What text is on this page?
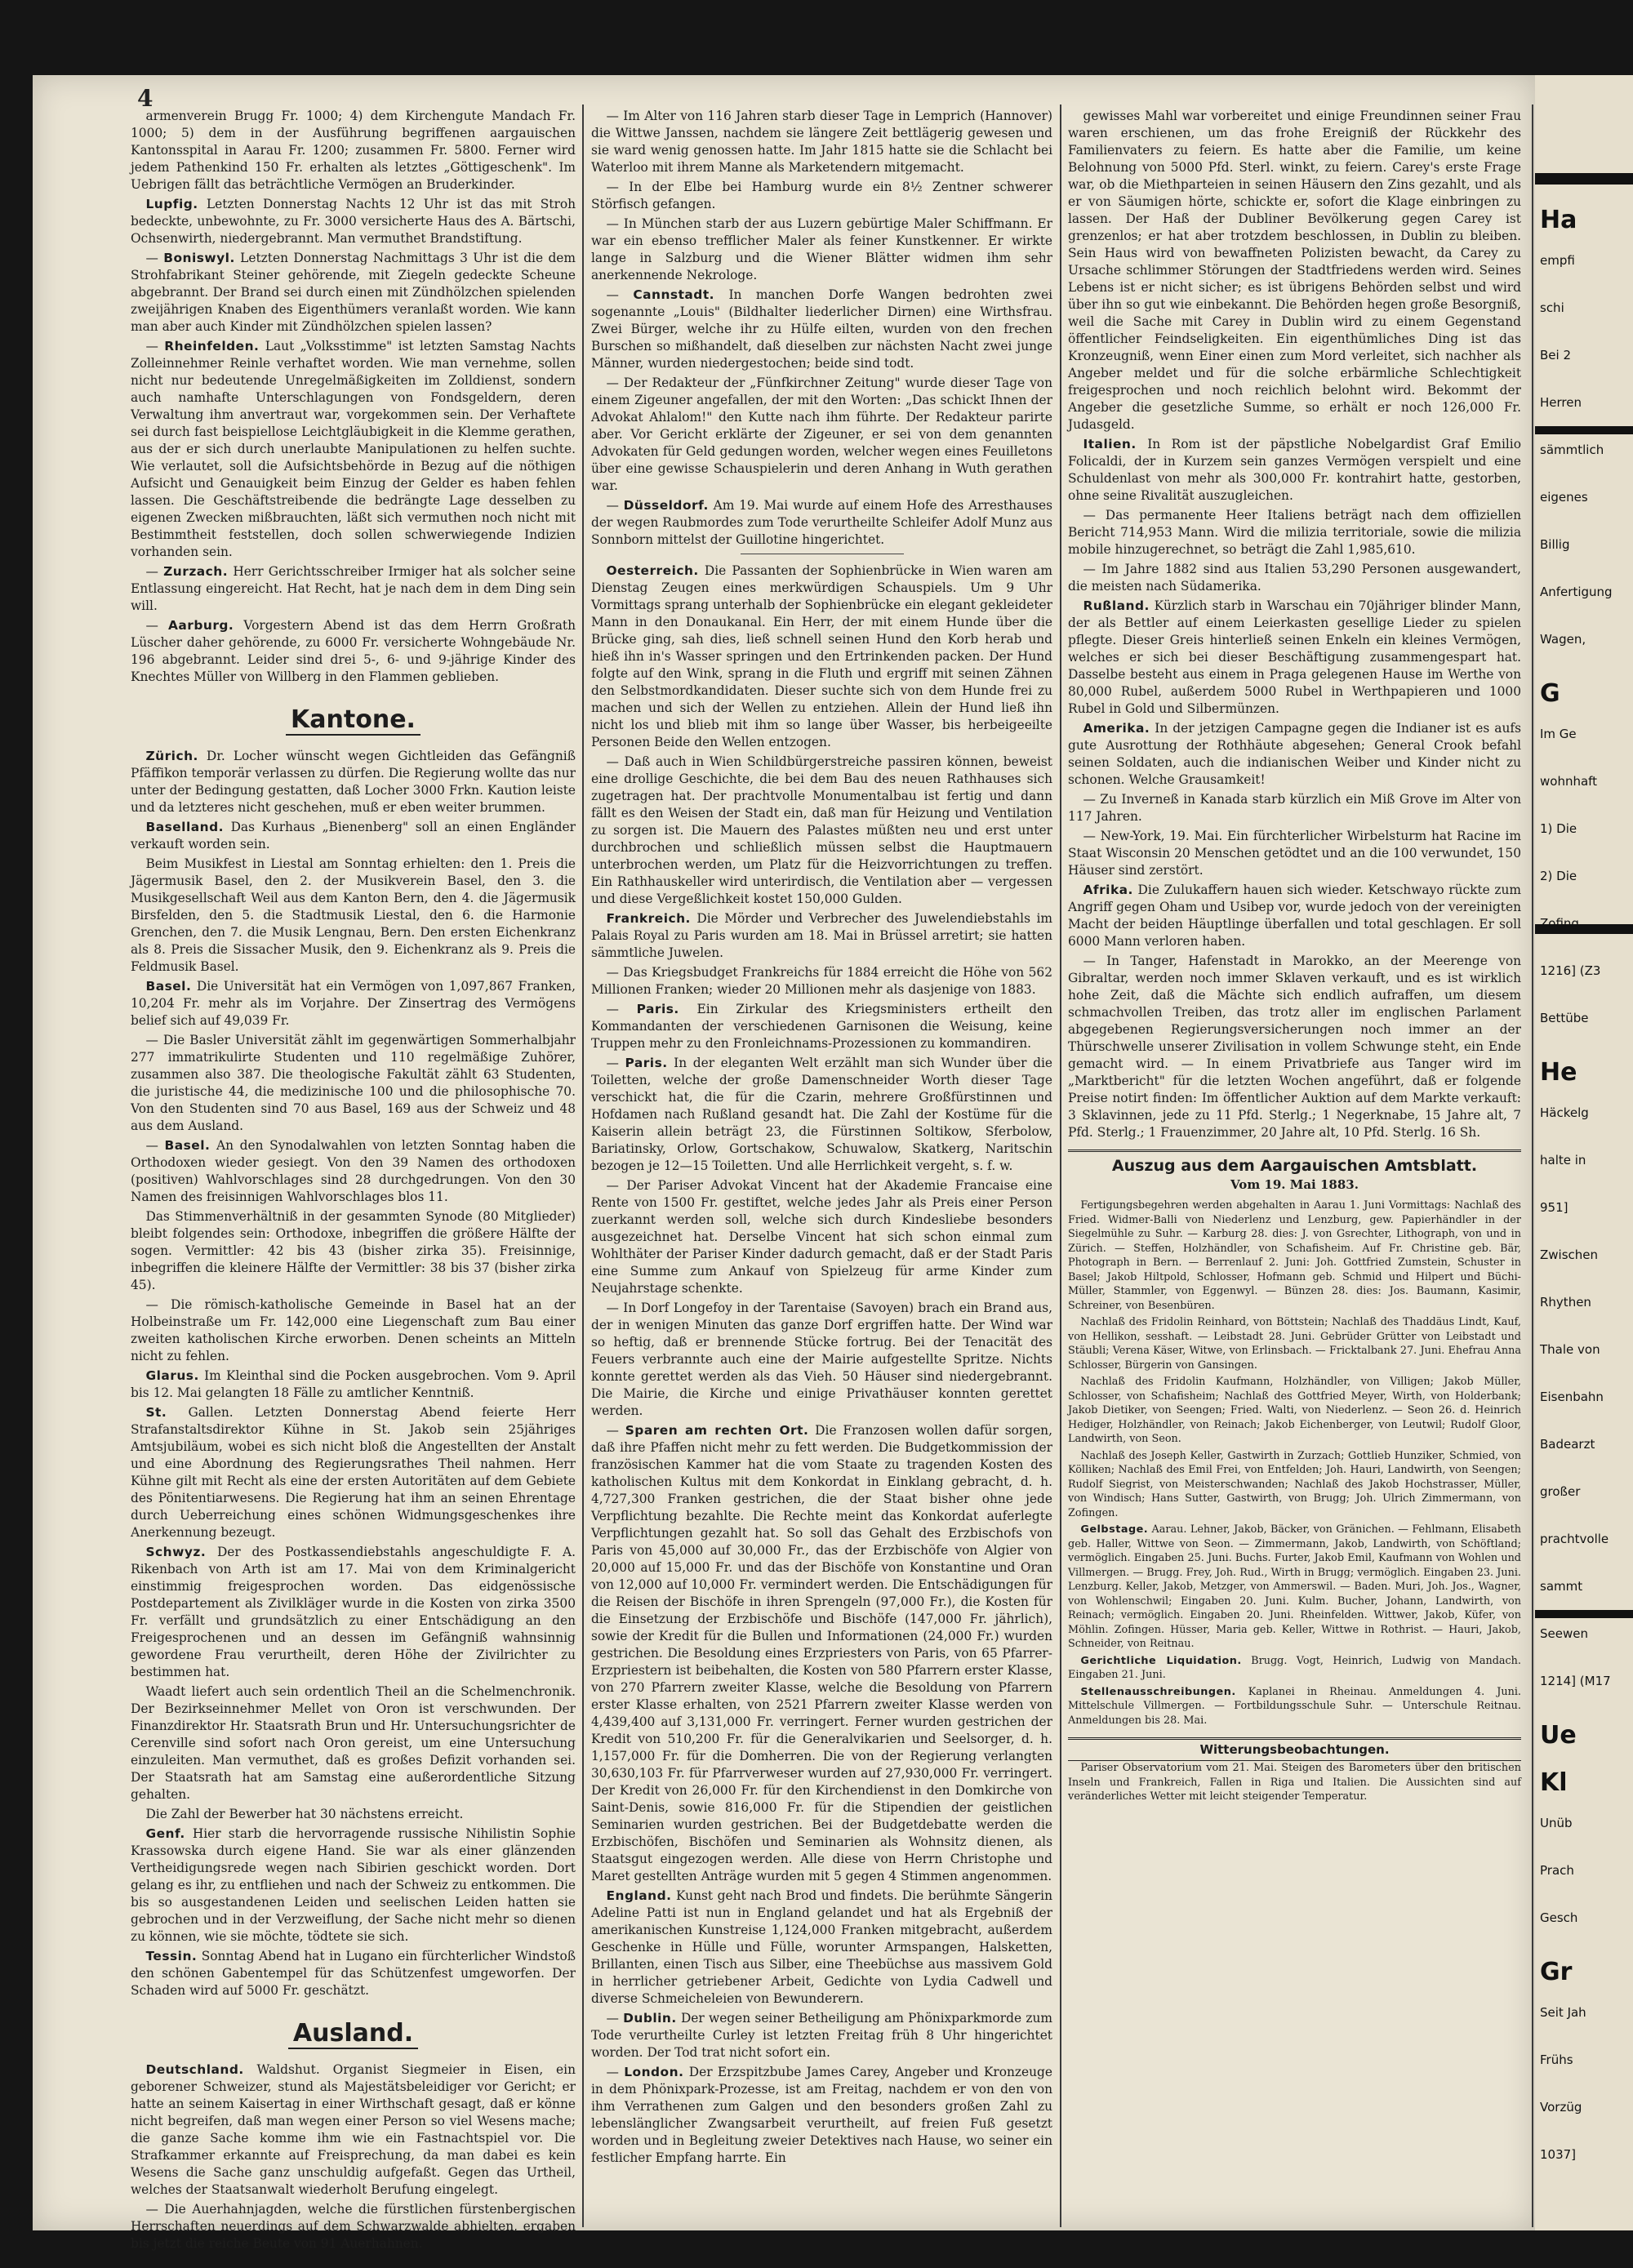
4

armenverein Brugg Fr. 1000; 4) dem Kirchengute Mandach Fr. 1000; 5) dem in der Ausführung begriffenen aargauischen Kantonsspital in Aarau Fr. 1200; zusammen Fr. 5800. Ferner wird jedem Pathenkind 150 Fr. erhalten als letztes „Göttigeschenk". Im Uebrigen fällt das beträchtliche Vermögen an Bruderkinder.

Lupfig. Letzten Donnerstag Nachts 12 Uhr ist das mit Stroh bedeckte, unbewohnte, zu Fr. 3000 versicherte Haus des A. Bärtschi, Ochsenwirth, niedergebrannt. Man vermuthet Brandstiftung.

— Boniswyl. Letzten Donnerstag Nachmittags 3 Uhr ist die dem Strohfabrikant Steiner gehörende, mit Ziegeln gedeckte Scheune abgebrannt. Der Brand sei durch einen mit Zündhölzchen spielenden zweijährigen Knaben des Eigenthümers veranlaßt worden. Wie kann man aber auch Kinder mit Zündhölzchen spielen lassen?

— Rheinfelden. Laut „Volksstimme" ist letzten Samstag Nachts Zolleinnehmer Reinle verhaftet worden. Wie man vernehme, sollen nicht nur bedeutende Unregelmäßigkeiten im Zolldienst, sondern auch namhafte Unterschlagungen von Fondsgeldern, deren Verwaltung ihm anvertraut war, vorgekommen sein. Der Verhaftete sei durch fast beispiellose Leichtgläubigkeit in die Klemme gerathen, aus der er sich durch unerlaubte Manipulationen zu helfen suchte. Wie verlautet, soll die Aufsichtsbehörde in Bezug auf die nöthigen Aufsicht und Genauigkeit beim Einzug der Gelder es haben fehlen lassen. Die Geschäftstreibende die bedrängte Lage desselben zu eigenen Zwecken mißbrauchten, läßt sich vermuthen noch nicht mit Bestimmtheit feststellen, doch sollen schwerwiegende Indizien vorhanden sein.

— Zurzach. Herr Gerichtsschreiber Irmiger hat als solcher seine Entlassung eingereicht. Hat Recht, hat je nach dem in dem Ding sein will.

— Aarburg. Vorgestern Abend ist das dem Herrn Großrath Lüscher daher gehörende, zu 6000 Fr. versicherte Wohngebäude Nr. 196 abgebrannt. Leider sind drei 5-, 6- und 9-jährige Kinder des Knechtes Müller von Willberg in den Flammen geblieben.

Kantone.

Zürich. Dr. Locher wünscht wegen Gichtleiden das Gefängniß Pfäffikon temporär verlassen zu dürfen. Die Regierung wollte das nur unter der Bedingung gestatten, daß Locher 3000 Frkn. Kaution leiste und da letzteres nicht geschehen, muß er eben weiter brummen.

Baselland. Das Kurhaus „Bienenberg" soll an einen Engländer verkauft worden sein.

Beim Musikfest in Liestal am Sonntag erhielten: den 1. Preis die Jägermusik Basel, den 2. der Musikverein Basel, den 3. die Musikgesellschaft Weil aus dem Kanton Bern, den 4. die Jägermusik Birsfelden, den 5. die Stadtmusik Liestal, den 6. die Harmonie Grenchen, den 7. die Musik Lengnau, Bern. Den ersten Eichenkranz als 8. Preis die Sissacher Musik, den 9. Eichenkranz als 9. Preis die Feldmusik Basel.

Basel. Die Universität hat ein Vermögen von 1,097,867 Franken, 10,204 Fr. mehr als im Vorjahre. Der Zinsertrag des Vermögens belief sich auf 49,039 Fr.

— Die Basler Universität zählt im gegenwärtigen Sommerhalbjahr 277 immatrikulirte Studenten und 110 regelmäßige Zuhörer, zusammen also 387. Die theologische Fakultät zählt 63 Studenten, die juristische 44, die medizinische 100 und die philosophische 70. Von den Studenten sind 70 aus Basel, 169 aus der Schweiz und 48 aus dem Ausland.

— Basel. An den Synodalwahlen von letzten Sonntag haben die Orthodoxen wieder gesiegt. Von den 39 Namen des orthodoxen (positiven) Wahlvorschlages sind 28 durchgedrungen. Von den 30 Namen des freisinnigen Wahlvorschlages blos 11.

Das Stimmenverhältniß in der gesammten Synode (80 Mitglieder) bleibt folgendes sein: Orthodoxe, inbegriffen die größere Hälfte der sogen. Vermittler: 42 bis 43 (bisher zirka 35). Freisinnige, inbegriffen die kleinere Hälfte der Vermittler: 38 bis 37 (bisher zirka 45).

— Die römisch-katholische Gemeinde in Basel hat an der Holbeinstraße um Fr. 142,000 eine Liegenschaft zum Bau einer zweiten katholischen Kirche erworben. Denen scheints an Mitteln nicht zu fehlen.

Glarus. Im Kleinthal sind die Pocken ausgebrochen. Vom 9. April bis 12. Mai gelangten 18 Fälle zu amtlicher Kenntniß.

St. Gallen. Letzten Donnerstag Abend feierte Herr Strafanstaltsdirektor Kühne in St. Jakob sein 25jähriges Amtsjubiläum, wobei es sich nicht bloß die Angestellten der Anstalt und eine Abordnung des Regierungsrathes Theil nahmen. Herr Kühne gilt mit Recht als eine der ersten Autoritäten auf dem Gebiete des Pönitentiarwesens. Die Regierung hat ihm an seinen Ehrentage durch Ueberreichung eines schönen Widmungsgeschenkes ihre Anerkennung bezeugt.

Schwyz. Der des Postkassendiebstahls angeschuldigte F. A. Rikenbach von Arth ist am 17. Mai von dem Kriminalgericht einstimmig freigesprochen worden. Das eidgenössische Postdepartement als Zivilkläger wurde in die Kosten von zirka 3500 Fr. verfällt und grundsätzlich zu einer Entschädigung an den Freigesprochenen und an dessen im Gefängniß wahnsinnig gewordene Frau verurtheilt, deren Höhe der Zivilrichter zu bestimmen hat.

Waadt liefert auch sein ordentlich Theil an die Schelmenchronik. Der Bezirkseinnehmer Mellet von Oron ist verschwunden. Der Finanzdirektor Hr. Staatsrath Brun und Hr. Untersuchungsrichter de Cerenville sind sofort nach Oron gereist, um eine Untersuchung einzuleiten. Man vermuthet, daß es großes Defizit vorhanden sei. Der Staatsrath hat am Samstag eine außerordentliche Sitzung gehalten.

Die Zahl der Bewerber hat 30 nächstens erreicht.

Genf. Hier starb die hervorragende russische Nihilistin Sophie Krassowska durch eigene Hand. Sie war als einer glänzenden Vertheidigungsrede wegen nach Sibirien geschickt worden. Dort gelang es ihr, zu entfliehen und nach der Schweiz zu entkommen. Die bis so ausgestandenen Leiden und seelischen Leiden hatten sie gebrochen und in der Verzweiflung, der Sache nicht mehr so dienen zu können, wie sie möchte, tödtete sie sich.

Tessin. Sonntag Abend hat in Lugano ein fürchterlicher Windstoß den schönen Gabentempel für das Schützenfest umgeworfen. Der Schaden wird auf 5000 Fr. geschätzt.

Ausland.

Deutschland. Waldshut. Organist Siegmeier in Eisen, ein geborener Schweizer, stund als Majestätsbeleidiger vor Gericht; er hatte an seinem Kaisertag in einer Wirthschaft gesagt, daß er könne nicht begreifen, daß man wegen einer Person so viel Wesens mache; die ganze Sache komme ihm wie ein Fastnachtspiel vor. Die Strafkammer erkannte auf Freisprechung, da man dabei es kein Wesens die Sache ganz unschuldig aufgefaßt. Gegen das Urtheil, welches der Staatsanwalt wiederholt Berufung eingelegt.

— Die Auerhahnjagden, welche die fürstlichen fürstenbergischen Herrschaften neuerdings auf dem Schwarzwalde abhielten, ergaben bis jetzt die reiche Beute von 91 Auerhahnen.

— Im Alter von 116 Jahren starb dieser Tage in Lemprich (Hannover) die Wittwe Janssen, nachdem sie längere Zeit bettlägerig gewesen und sie ward wenig genossen hatte. Im Jahr 1815 hatte sie die Schlacht bei Waterloo mit ihrem Manne als Marketendern mitgemacht.

— In der Elbe bei Hamburg wurde ein 8½ Zentner schwerer Störfisch gefangen.

— In München starb der aus Luzern gebürtige Maler Schiffmann. Er war ein ebenso trefflicher Maler als feiner Kunstkenner. Er wirkte lange in Salzburg und die Wiener Blätter widmen ihm sehr anerkennende Nekrologe.

— Cannstadt. In manchen Dorfe Wangen bedrohten zwei sogenannte „Louis" (Bildhalter liederlicher Dirnen) eine Wirthsfrau. Zwei Bürger, welche ihr zu Hülfe eilten, wurden von den frechen Burschen so mißhandelt, daß dieselben zur nächsten Nacht zwei junge Männer, wurden niedergestochen; beide sind todt.

— Der Redakteur der „Fünfkirchner Zeitung" wurde dieser Tage von einem Zigeuner angefallen, der mit den Worten: „Das schickt Ihnen der Advokat Ahlalom!" den Kutte nach ihm führte. Der Redakteur parirte aber. Vor Gericht erklärte der Zigeuner, er sei von dem genannten Advokaten für Geld gedungen worden, welcher wegen eines Feuilletons über eine gewisse Schauspielerin und deren Anhang in Wuth gerathen war.

— Düsseldorf. Am 19. Mai wurde auf einem Hofe des Arresthauses der wegen Raubmordes zum Tode verurtheilte Schleifer Adolf Munz aus Sonnborn mittelst der Guillotine hingerichtet.

Oesterreich. Die Passanten der Sophienbrücke in Wien waren am Dienstag Zeugen eines merkwürdigen Schauspiels. Um 9 Uhr Vormittags sprang unterhalb der Sophienbrücke ein elegant gekleideter Mann in den Donaukanal. Ein Herr, der mit einem Hunde über die Brücke ging, sah dies, ließ schnell seinen Hund den Korb herab und hieß ihn in's Wasser springen und den Ertrinkenden packen. Der Hund folgte auf den Wink, sprang in die Fluth und ergriff mit seinen Zähnen den Selbstmordkandidaten. Dieser suchte sich von dem Hunde frei zu machen und sich der Wellen zu entziehen. Allein der Hund ließ ihn nicht los und blieb mit ihm so lange über Wasser, bis herbeigeeilte Personen Beide den Wellen entzogen.

— Daß auch in Wien Schildbürgerstreiche passiren können, beweist eine drollige Geschichte, die bei dem Bau des neuen Rathhauses sich zugetragen hat. Der prachtvolle Monumentalbau ist fertig und dann fällt es den Weisen der Stadt ein, daß man für Heizung und Ventilation zu sorgen ist. Die Mauern des Palastes müßten neu und erst unter durchbrochen und schließlich müssen selbst die Hauptmauern unterbrochen werden, um Platz für die Heizvorrichtungen zu treffen. Ein Rathhauskeller wird unterirdisch, die Ventilation aber — vergessen und diese Vergeßlichkeit kostet 150,000 Gulden.

Frankreich. Die Mörder und Verbrecher des Juwelendiebstahls im Palais Royal zu Paris wurden am 18. Mai in Brüssel arretirt; sie hatten sämmtliche Juwelen.

— Das Kriegsbudget Frankreichs für 1884 erreicht die Höhe von 562 Millionen Franken; wieder 20 Millionen mehr als dasjenige von 1883.

— Paris. Ein Zirkular des Kriegsministers ertheilt den Kommandanten der verschiedenen Garnisonen die Weisung, keine Truppen mehr zu den Fronleichnams-Prozessionen zu kommandiren.

— Paris. In der eleganten Welt erzählt man sich Wunder über die Toiletten, welche der große Damenschneider Worth dieser Tage verschickt hat, die für die Czarin, mehrere Großfürstinnen und Hofdamen nach Rußland gesandt hat. Die Zahl der Kostüme für die Kaiserin allein beträgt 23, die Fürstinnen Soltikow, Sferbolow, Bariatinsky, Orlow, Gortschakow, Schuwalow, Skatkerg, Naritschin bezogen je 12—15 Toiletten. Und alle Herrlichkeit vergeht, s. f. w.

— Der Pariser Advokat Vincent hat der Akademie Francaise eine Rente von 1500 Fr. gestiftet, welche jedes Jahr als Preis einer Person zuerkannt werden soll, welche sich durch Kindesliebe besonders ausgezeichnet hat. Derselbe Vincent hat sich schon einmal zum Wohlthäter der Pariser Kinder dadurch gemacht, daß er der Stadt Paris eine Summe zum Ankauf von Spielzeug für arme Kinder zum Neujahrstage schenkte.

— In Dorf Longefoy in der Tarentaise (Savoyen) brach ein Brand aus, der in wenigen Minuten das ganze Dorf ergriffen hatte. Der Wind war so heftig, daß er brennende Stücke fortrug. Bei der Tenacität des Feuers verbrannte auch eine der Mairie aufgestellte Spritze. Nichts konnte gerettet werden als das Vieh. 50 Häuser sind niedergebrannt. Die Mairie, die Kirche und einige Privathäuser konnten gerettet werden.

— Sparen am rechten Ort. Die Franzosen wollen dafür sorgen, daß ihre Pfaffen nicht mehr zu fett werden. Die Budgetkommission der französischen Kammer hat die vom Staate zu tragenden Kosten des katholischen Kultus mit dem Konkordat in Einklang gebracht, d. h. 4,727,300 Franken gestrichen, die der Staat bisher ohne jede Verpflichtung bezahlte. Die Rechte meint das Konkordat auferlegte Verpflichtungen gezahlt hat. So soll das Gehalt des Erzbischofs von Paris von 45,000 auf 30,000 Fr., das der Erzbischöfe von Algier von 20,000 auf 15,000 Fr. und das der Bischöfe von Konstantine und Oran von 12,000 auf 10,000 Fr. vermindert werden. Die Entschädigungen für die Reisen der Bischöfe in ihren Sprengeln (97,000 Fr.), die Kosten für die Einsetzung der Erzbischöfe und Bischöfe (147,000 Fr. jährlich), sowie der Kredit für die Bullen und Informationen (24,000 Fr.) wurden gestrichen. Die Besoldung eines Erzpriesters von Paris, von 65 Pfarrer-Erzpriestern ist beibehalten, die Kosten von 580 Pfarrern erster Klasse, von 270 Pfarrern zweiter Klasse, welche die Besoldung von Pfarrern erster Klasse erhalten, von 2521 Pfarrern zweiter Klasse werden von 4,439,400 auf 3,131,000 Fr. verringert. Ferner wurden gestrichen der Kredit von 510,200 Fr. für die Generalvikarien und Seelsorger, d. h. 1,157,000 Fr. für die Domherren. Die von der Regierung verlangten 30,630,103 Fr. für Pfarrverweser wurden auf 27,930,000 Fr. verringert. Der Kredit von 26,000 Fr. für den Kirchendienst in den Domkirche von Saint-Denis, sowie 816,000 Fr. für die Stipendien der geistlichen Seminarien wurden gestrichen. Bei der Budgetdebatte werden die Erzbischöfen, Bischöfen und Seminarien als Wohnsitz dienen, als Staatsgut eingezogen werden. Alle diese von Herrn Christophe und Maret gestellten Anträge wurden mit 5 gegen 4 Stimmen angenommen.

England. Kunst geht nach Brod und findets. Die berühmte Sängerin Adeline Patti ist nun in England gelandet und hat als Ergebniß der amerikanischen Kunstreise 1,124,000 Franken mitgebracht, außerdem Geschenke in Hülle und Fülle, worunter Armspangen, Halsketten, Brillanten, einen Tisch aus Silber, eine Theebüchse aus massivem Gold in herrlicher getriebener Arbeit, Gedichte von Lydia Cadwell und diverse Schmeicheleien von Bewunderern.

— Dublin. Der wegen seiner Betheiligung am Phönixparkmorde zum Tode verurtheilte Curley ist letzten Freitag früh 8 Uhr hingerichtet worden. Der Tod trat nicht sofort ein.

— London. Der Erzspitzbube James Carey, Angeber und Kronzeuge in dem Phönixpark-Prozesse, ist am Freitag, nachdem er von den von ihm Verrathenen zum Galgen und den besonders großen Zahl zu lebenslänglicher Zwangsarbeit verurtheilt, auf freien Fuß gesetzt worden und in Begleitung zweier Detektives nach Hause, wo seiner ein festlicher Empfang harrte. Ein

gewisses Mahl war vorbereitet und einige Freundinnen seiner Frau waren erschienen, um das frohe Ereigniß der Rückkehr des Familienvaters zu feiern. Es hatte aber die Familie, um keine Belohnung von 5000 Pfd. Sterl. winkt, zu feiern. Carey's erste Frage war, ob die Miethparteien in seinen Häusern den Zins gezahlt, und als er von Säumigen hörte, schickte er, sofort die Klage einbringen zu lassen. Der Haß der Dubliner Bevölkerung gegen Carey ist grenzenlos; er hat aber trotzdem beschlossen, in Dublin zu bleiben. Sein Haus wird von bewaffneten Polizisten bewacht, da Carey zu Ursache schlimmer Störungen der Stadtfriedens werden wird. Seines Lebens ist er nicht sicher; es ist übrigens Behörden selbst und wird über ihn so gut wie einbekannt. Die Behörden hegen große Besorgniß, weil die Sache mit Carey in Dublin wird zu einem Gegenstand öffentlicher Feindseligkeiten. Ein eigenthümliches Ding ist das Kronzeugniß, wenn Einer einen zum Mord verleitet, sich nachher als Angeber meldet und für die solche erbärmliche Schlechtigkeit freigesprochen und noch reichlich belohnt wird. Bekommt der Angeber die gesetzliche Summe, so erhält er noch 126,000 Fr. Judasgeld.

Italien. In Rom ist der päpstliche Nobelgardist Graf Emilio Folicaldi, der in Kurzem sein ganzes Vermögen verspielt und eine Schuldenlast von mehr als 300,000 Fr. kontrahirt hatte, gestorben, ohne seine Rivalität auszugleichen.

— Das permanente Heer Italiens beträgt nach dem offiziellen Bericht 714,953 Mann. Wird die milizia territoriale, sowie die milizia mobile hinzugerechnet, so beträgt die Zahl 1,985,610.

— Im Jahre 1882 sind aus Italien 53,290 Personen ausgewandert, die meisten nach Südamerika.

Rußland. Kürzlich starb in Warschau ein 70jähriger blinder Mann, der als Bettler auf einem Leierkasten gesellige Lieder zu spielen pflegte. Dieser Greis hinterließ seinen Enkeln ein kleines Vermögen, welches er sich bei dieser Beschäftigung zusammengespart hat. Dasselbe besteht aus einem in Praga gelegenen Hause im Werthe von 80,000 Rubel, außerdem 5000 Rubel in Werthpapieren und 1000 Rubel in Gold und Silbermünzen.

Amerika. In der jetzigen Campagne gegen die Indianer ist es aufs gute Ausrottung der Rothhäute abgesehen; General Crook befahl seinen Soldaten, auch die indianischen Weiber und Kinder nicht zu schonen. Welche Grausamkeit!

— Zu Inverneß in Kanada starb kürzlich ein Miß Grove im Alter von 117 Jahren.

— New-York, 19. Mai. Ein fürchterlicher Wirbelsturm hat Racine im Staat Wisconsin 20 Menschen getödtet und an die 100 verwundet, 150 Häuser sind zerstört.

Afrika. Die Zulukaffern hauen sich wieder. Ketschwayo rückte zum Angriff gegen Oham und Usibep vor, wurde jedoch von der vereinigten Macht der beiden Häuptlinge überfallen und total geschlagen. Er soll 6000 Mann verloren haben.

— In Tanger, Hafenstadt in Marokko, an der Meerenge von Gibraltar, werden noch immer Sklaven verkauft, und es ist wirklich hohe Zeit, daß die Mächte sich endlich aufraffen, um diesem schmachvollen Treiben, das trotz aller im englischen Parlament abgegebenen Regierungsversicherungen noch immer an der Thürschwelle unserer Zivilisation in vollem Schwunge steht, ein Ende gemacht wird. — In einem Privatbriefe aus Tanger wird im „Marktbericht" für die letzten Wochen angeführt, daß er folgende Preise notirt finden: Im öffentlicher Auktion auf dem Markte verkauft: 3 Sklavinnen, jede zu 11 Pfd. Sterlg.; 1 Negerknabe, 15 Jahre alt, 7 Pfd. Sterlg.; 1 Frauenzimmer, 20 Jahre alt, 10 Pfd. Sterlg. 16 Sh.

Auszug aus dem Aargauischen Amtsblatt.
Vom 19. Mai 1883.

Fertigungsbegehren werden abgehalten in Aarau 1. Juni Vormittags: Nachlaß des Fried. Widmer-Balli von Niederlenz und Lenzburg, gew. Papierhändler in der Siegelmühle zu Suhr. — Karburg 28. dies: J. von Gsrechter, Lithograph, von und in Zürich. — Steffen, Holzhändler, von Schafisheim. Auf Fr. Christine geb. Bär, Photograph in Bern. — Berrenlauf 2. Juni: Joh. Gottfried Zumstein, Schuster in Basel; Jakob Hiltpold, Schlosser, Hofmann geb. Schmid und Hilpert und Büchi-Müller, Stammler, von Eggenwyl. — Bünzen 28. dies: Jos. Baumann, Kasimir, Schreiner, von Besenbüren.

Nachlaß des Fridolin Reinhard, von Böttstein; Nachlaß des Thaddäus Lindt, Kauf, von Hellikon, sesshaft. — Leibstadt 28. Juni. Gebrüder Grütter von Leibstadt und Stäubli; Verena Käser, Witwe, von Erlinsbach. — Fricktalbank 27. Juni. Ehefrau Anna Schlosser, Bürgerin von Gansingen.

Nachlaß des Fridolin Kaufmann, Holzhändler, von Villigen; Jakob Müller, Schlosser, von Schafisheim; Nachlaß des Gottfried Meyer, Wirth, von Holderbank; Jakob Dietiker, von Seengen; Fried. Walti, von Niederlenz. — Seon 26. d. Heinrich Hediger, Holzhändler, von Reinach; Jakob Eichenberger, von Leutwil; Rudolf Gloor, Landwirth, von Seon.

Nachlaß des Joseph Keller, Gastwirth in Zurzach; Gottlieb Hunziker, Schmied, von Kölliken; Nachlaß des Emil Frei, von Entfelden; Joh. Hauri, Landwirth, von Seengen; Rudolf Siegrist, von Meisterschwanden; Nachlaß des Jakob Hochstrasser, Müller, von Windisch; Hans Sutter, Gastwirth, von Brugg; Joh. Ulrich Zimmermann, von Zofingen.

Gelbstage. Aarau. Lehner, Jakob, Bäcker, von Gränichen. — Fehlmann, Elisabeth geb. Haller, Wittwe von Seon. — Zimmermann, Jakob, Landwirth, von Schöftland; vermöglich. Eingaben 25. Juni. Buchs. Furter, Jakob Emil, Kaufmann von Wohlen und Villmergen. — Brugg. Frey, Joh. Rud., Wirth in Brugg; vermöglich. Eingaben 23. Juni. Lenzburg. Keller, Jakob, Metzger, von Ammerswil. — Baden. Muri, Joh. Jos., Wagner, von Wohlenschwil; Eingaben 20. Juni. Kulm. Bucher, Johann, Landwirth, von Reinach; vermöglich. Eingaben 20. Juni. Rheinfelden. Wittwer, Jakob, Küfer, von Möhlin. Zofingen. Hüsser, Maria geb. Keller, Wittwe in Rothrist. — Hauri, Jakob, Schneider, von Reitnau.

Gerichtliche Liquidation. Brugg. Vogt, Heinrich, Ludwig von Mandach. Eingaben 21. Juni.

Stellenausschreibungen. Kaplanei in Rheinau. Anmeldungen 4. Juni. Mittelschule Villmergen. — Fortbildungsschule Suhr. — Unterschule Reitnau. Anmeldungen bis 28. Mai.

Witterungsbeobachtungen.

Pariser Observatorium vom 21. Mai. Steigen des Barometers über den britischen Inseln und Frankreich, Fallen in Riga und Italien. Die Aussichten sind auf veränderliches Wetter mit leicht steigender Temperatur.

Ha
empfi
schi
Bei 2
Herren
sämmtlich
eigenes
Billig
Anfertigung
Wagen,
G
Im Ge
wohnhaft
1) Die
2) Die
Zofing
1216] (Z3
Bettübe
He
Häckelg
halte in
951]
Zwischen
Rhythen
Thale von
Eisenbahn
Badearzt
großer
prachtvolle
sammt
Seewen
1214] (M17
Ue
Kl
Unüb
Prach
Gesch
Gr
Seit Jah
Frühs
Vorzüg
1037]
